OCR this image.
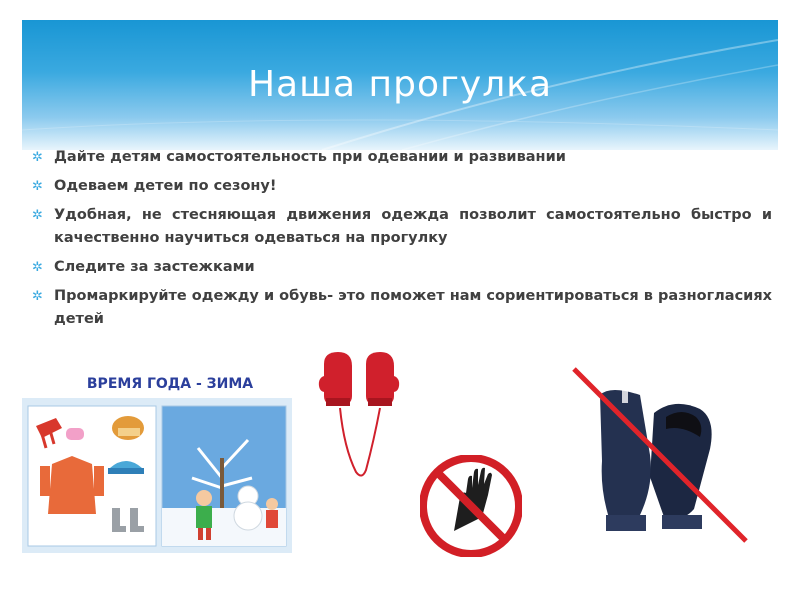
Наша прогулка
✲ Дайте детям самостоятельность при одевании и развивании
✲ Одеваем детеи по сезону!
✲ Удобная, не стесняющая движения одежда позволит самостоятельно быстро и качественно научиться одеваться на прогулку
✲ Следите за застежками
✲ Промаркируйте одежду и обувь- это поможет нам сориентироваться в разногласиях детей
ВРЕМЯ ГОДА - ЗИМА
